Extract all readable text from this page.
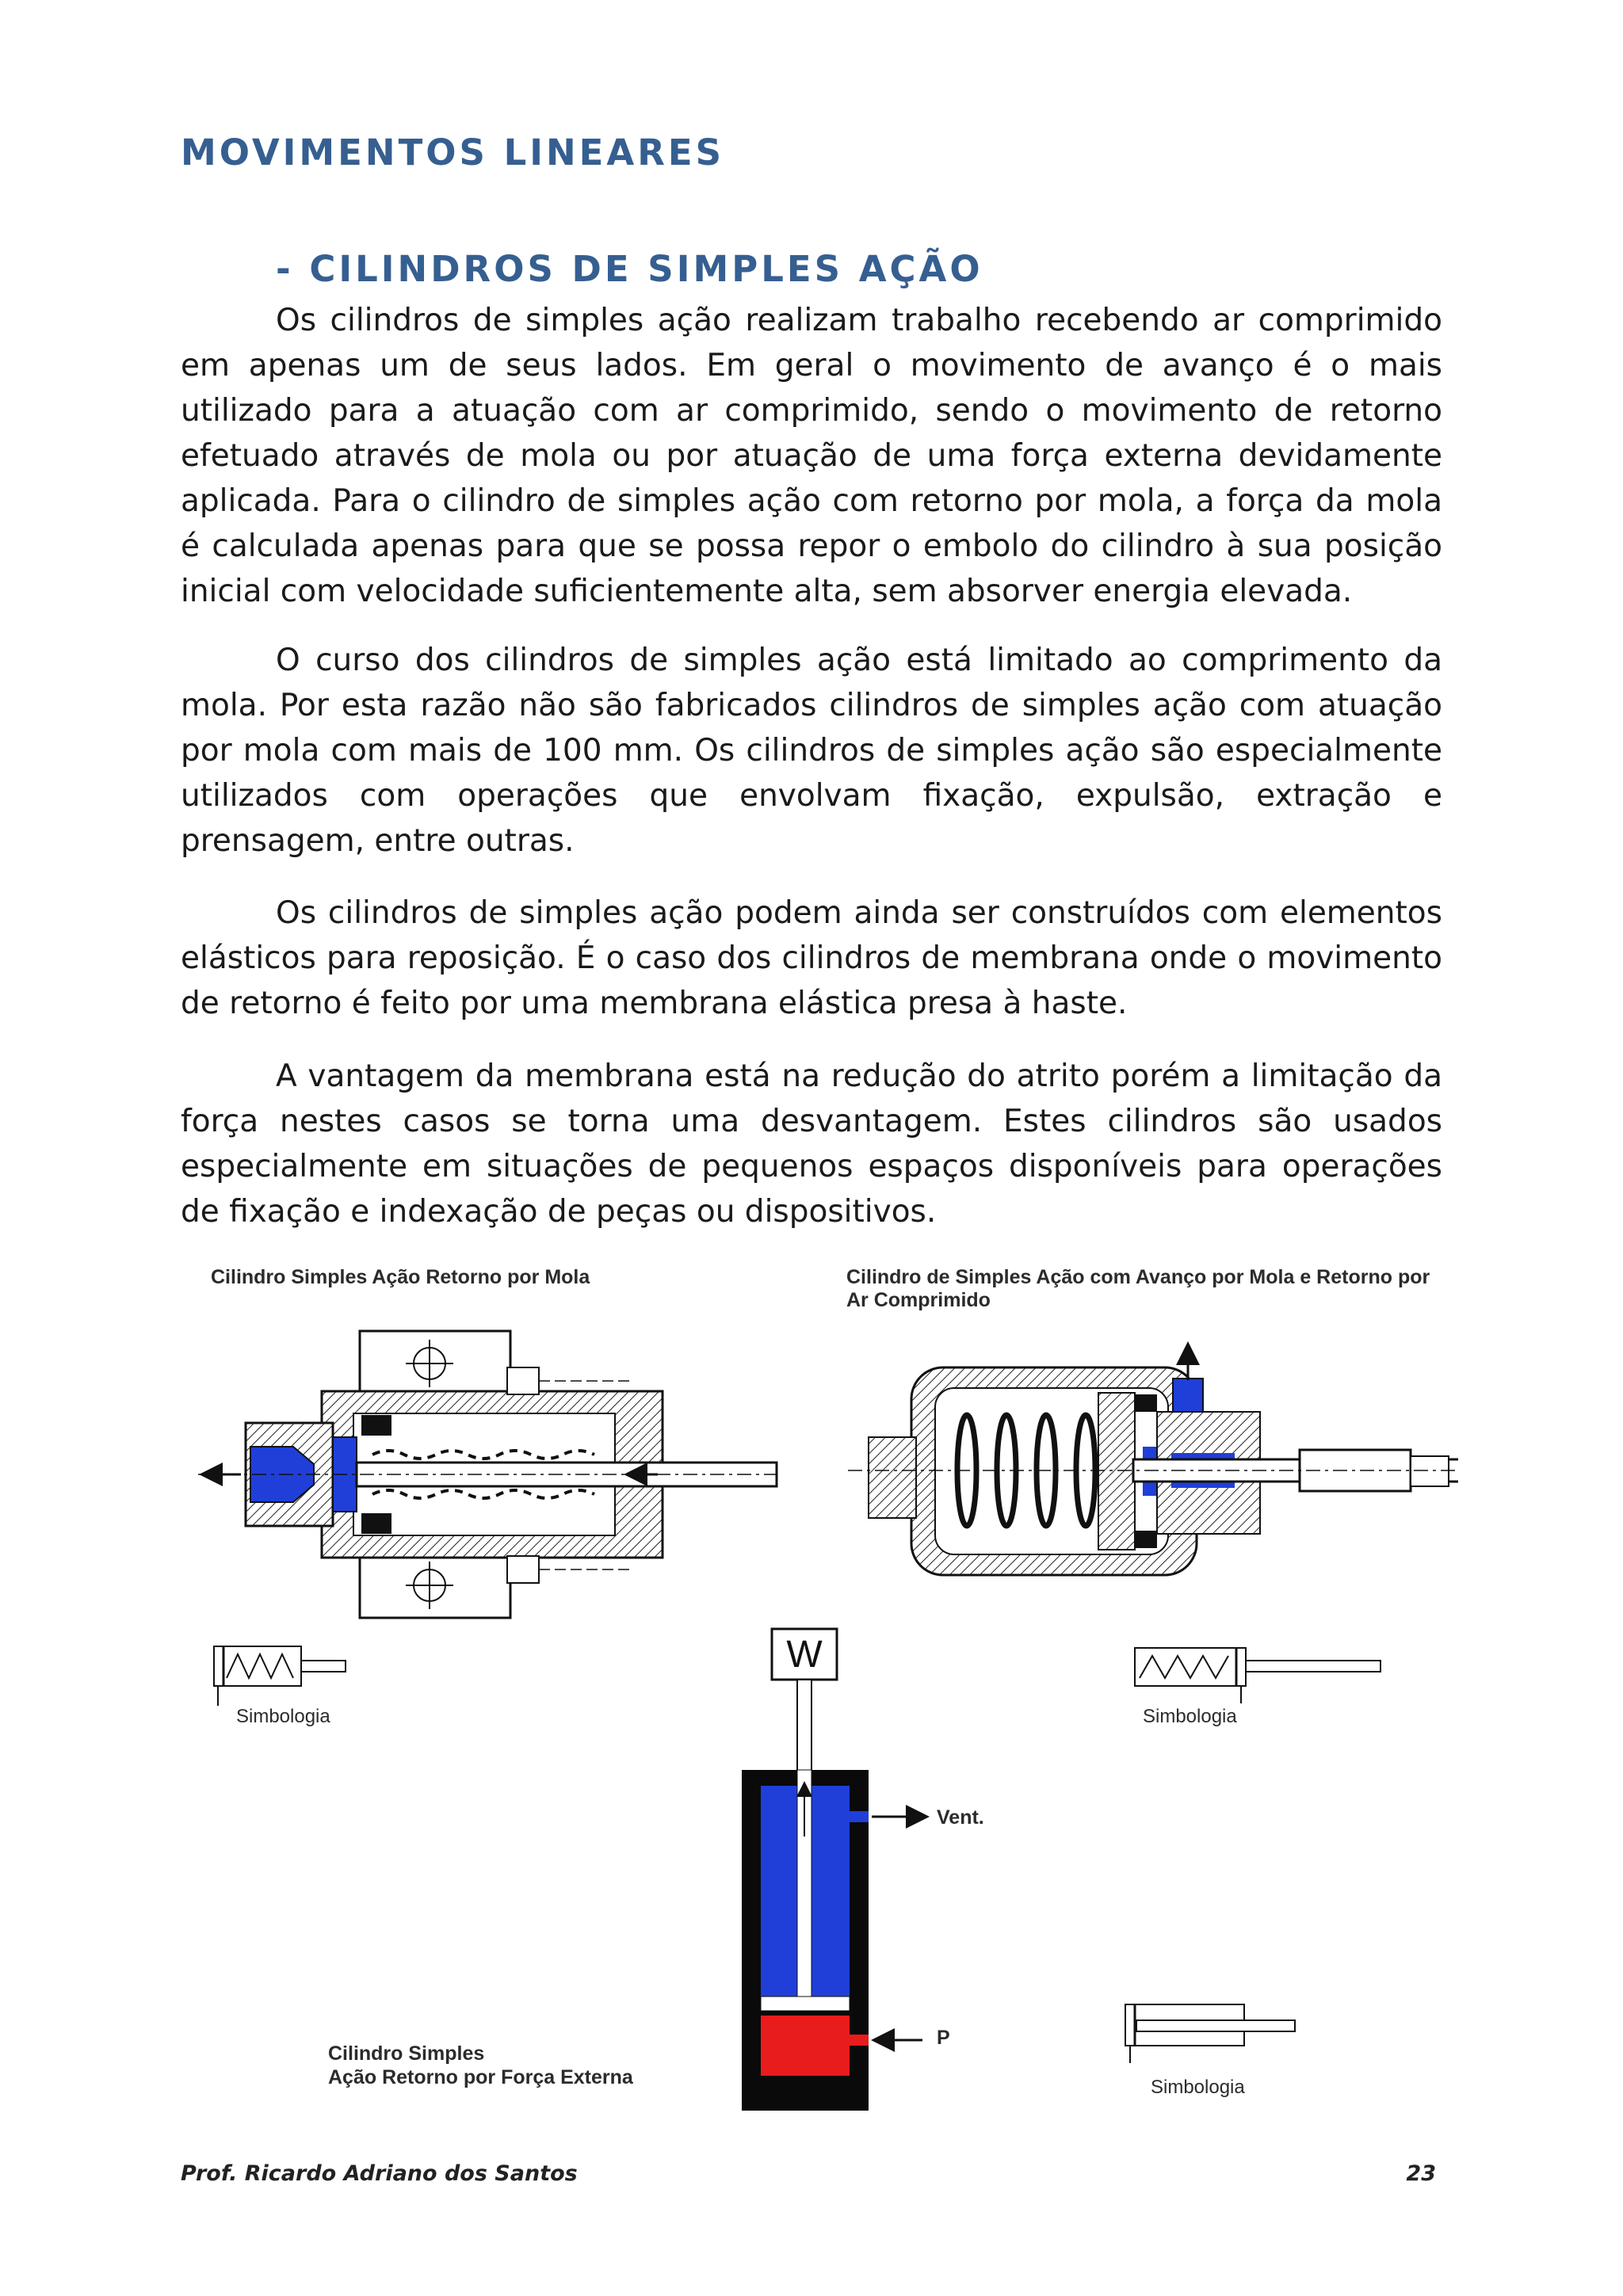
MOVIMENTOS LINEARES
- CILINDROS DE SIMPLES AÇÃO

Os cilindros de simples ação realizam trabalho recebendo ar comprimido em apenas um de seus lados. Em geral o movimento de avanço é o mais utilizado para a atuação com ar comprimido, sendo o movimento de retorno efetuado através de mola ou por atuação de uma força externa devidamente aplicada. Para o cilindro de simples ação com retorno por mola, a força da mola é calculada apenas para que se possa repor o embolo do cilindro à sua posição inicial com velocidade suficientemente alta, sem absorver energia elevada.

O curso dos cilindros de simples ação está limitado ao comprimento da mola. Por esta razão não são fabricados cilindros de simples ação com atuação por mola com mais de 100 mm. Os cilindros de simples ação são especialmente utilizados com operações que envolvam fixação, expulsão, extração e prensagem, entre outras.

Os cilindros de simples ação podem ainda ser construídos com elementos elásticos para reposição. É o caso dos cilindros de membrana onde o movimento de retorno é feito por uma membrana elástica presa à haste.

A vantagem da membrana está na redução do atrito porém a limitação da força nestes casos se torna uma desvantagem. Estes cilindros são usados especialmente em situações de pequenos espaços disponíveis para operações de fixação e indexação de peças ou dispositivos.

Cilindro Simples Ação Retorno por Mola	Cilindro de Simples Ação com Avanço por Mola e Retorno por
Ar Comprimido
Simbologia	Simbologia
W
Vent.
P
Cilindro Simples
Ação Retorno por Força Externa	Simbologia
Prof. Ricardo Adriano dos Santos	23
